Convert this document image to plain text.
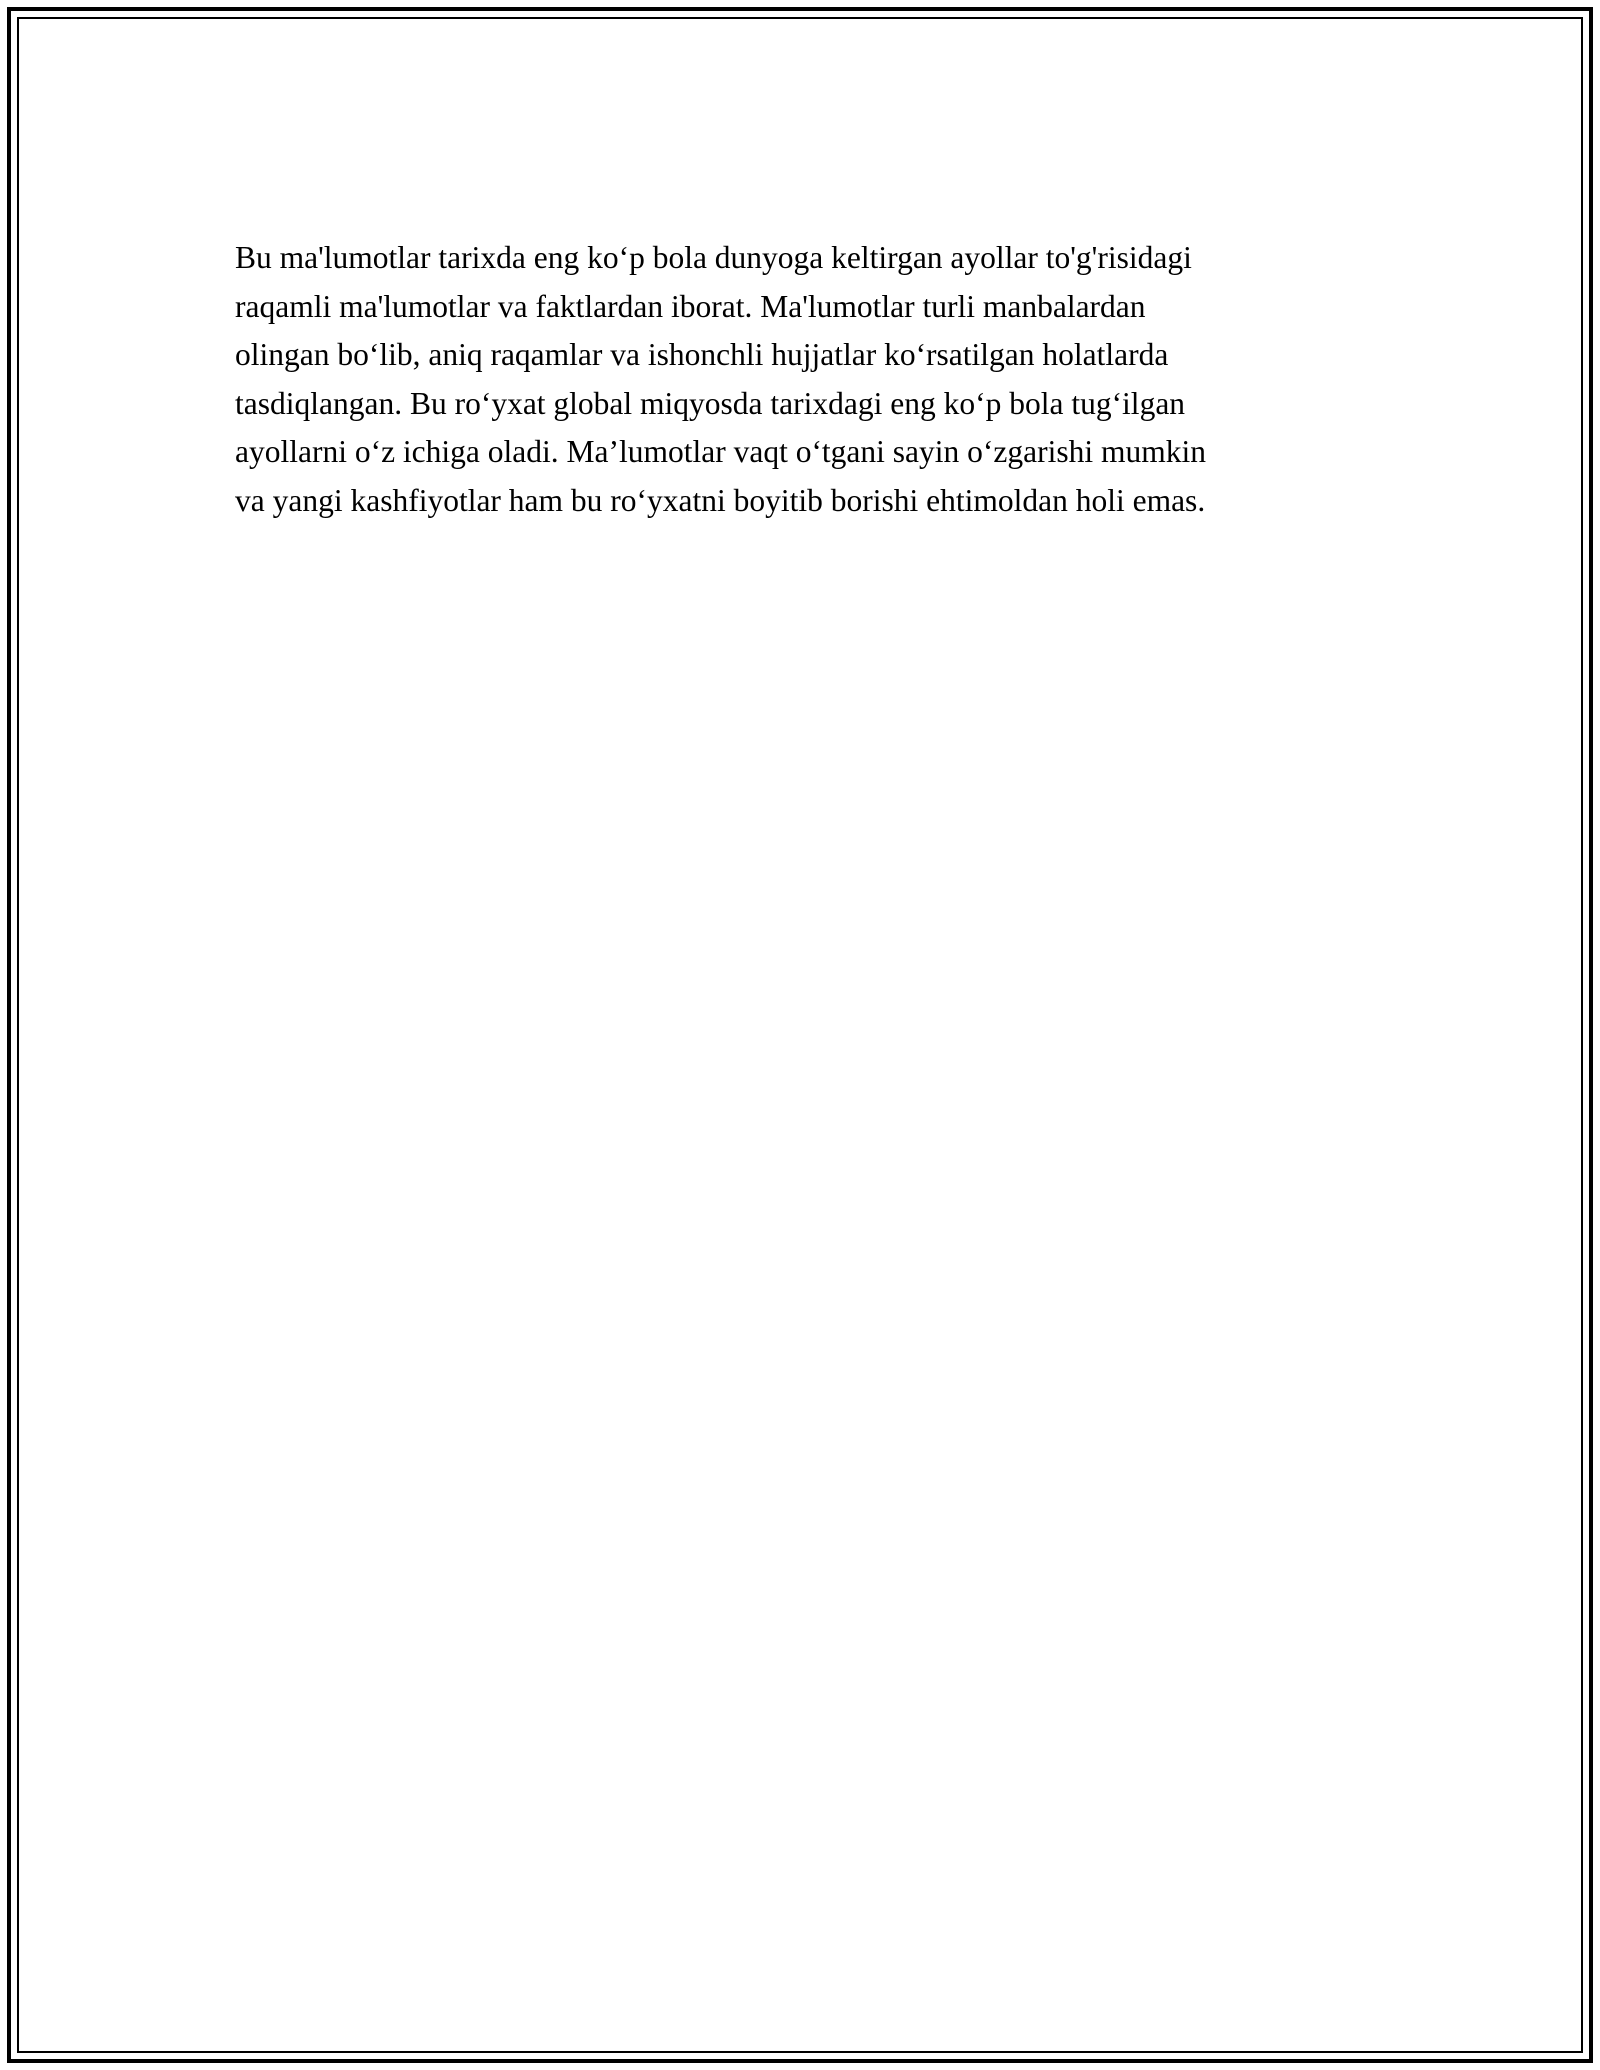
Bu ma'lumotlar tarixda eng ko‘p bola dunyoga keltirgan ayollar to'g'risidagi
raqamli ma'lumotlar va faktlardan iborat. Ma'lumotlar turli manbalardan
olingan bo‘lib, aniq raqamlar va ishonchli hujjatlar ko‘rsatilgan holatlarda
tasdiqlangan. Bu ro‘yxat global miqyosda tarixdagi eng ko‘p bola tug‘ilgan
ayollarni o‘z ichiga oladi. Ma’lumotlar vaqt o‘tgani sayin o‘zgarishi mumkin
va yangi kashfiyotlar ham bu ro‘yxatni boyitib borishi ehtimoldan holi emas.
